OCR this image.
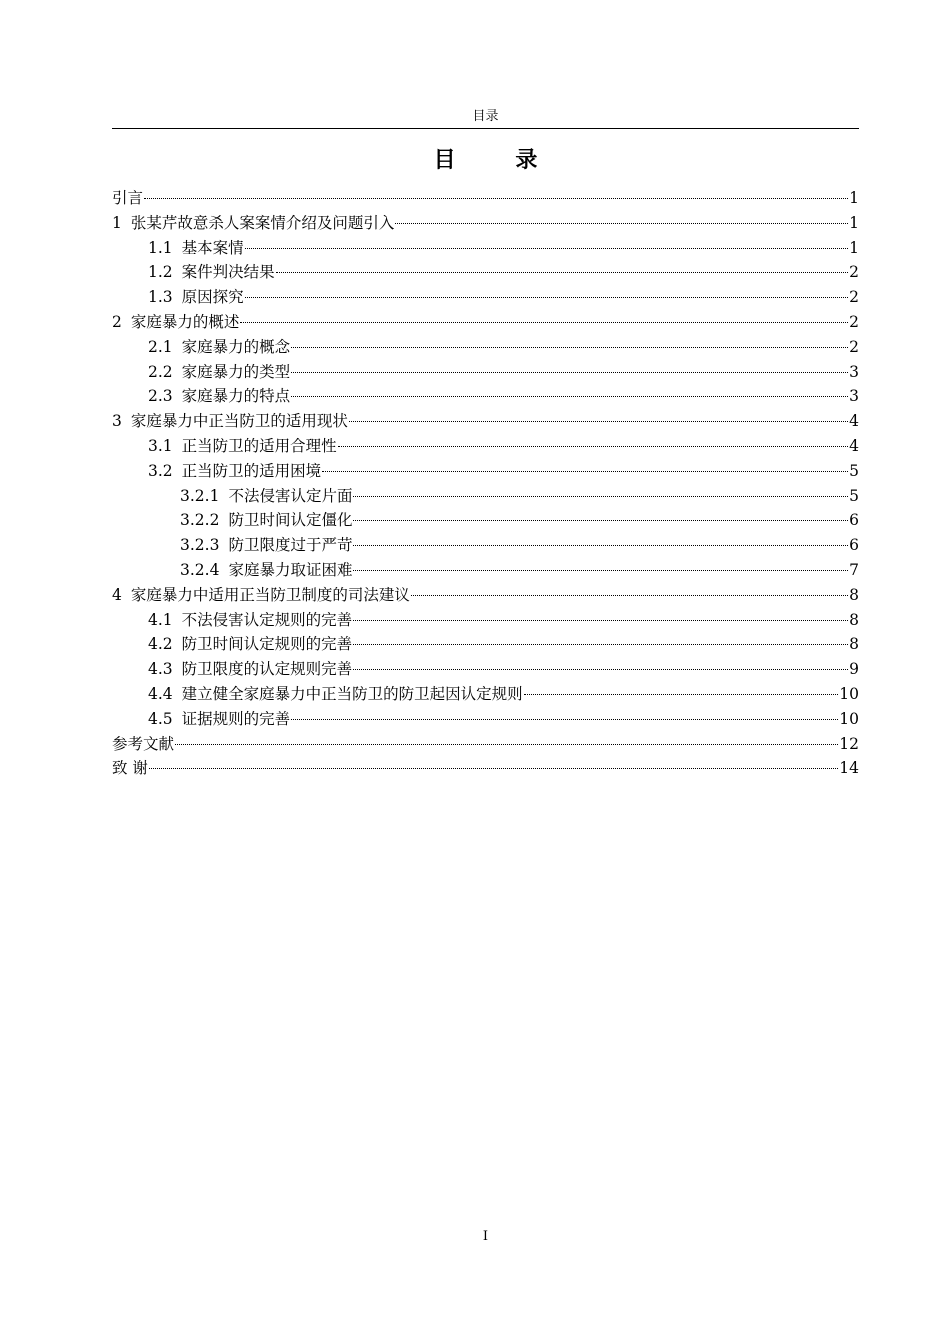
目录
目 录
引言	1
1 张某芹故意杀人案案情介绍及问题引入	1
1.1 基本案情	1
1.2 案件判决结果	2
1.3 原因探究	2
2 家庭暴力的概述	2
2.1 家庭暴力的概念	2
2.2 家庭暴力的类型	3
2.3 家庭暴力的特点	3
3 家庭暴力中正当防卫的适用现状	4
3.1 正当防卫的适用合理性	4
3.2 正当防卫的适用困境	5
3.2.1 不法侵害认定片面	5
3.2.2 防卫时间认定僵化	6
3.2.3 防卫限度过于严苛	6
3.2.4 家庭暴力取证困难	7
4 家庭暴力中适用正当防卫制度的司法建议	8
4.1 不法侵害认定规则的完善	8
4.2 防卫时间认定规则的完善	8
4.3 防卫限度的认定规则完善	9
4.4 建立健全家庭暴力中正当防卫的防卫起因认定规则	10
4.5 证据规则的完善	10
参考文献	12
致 谢	14
I
